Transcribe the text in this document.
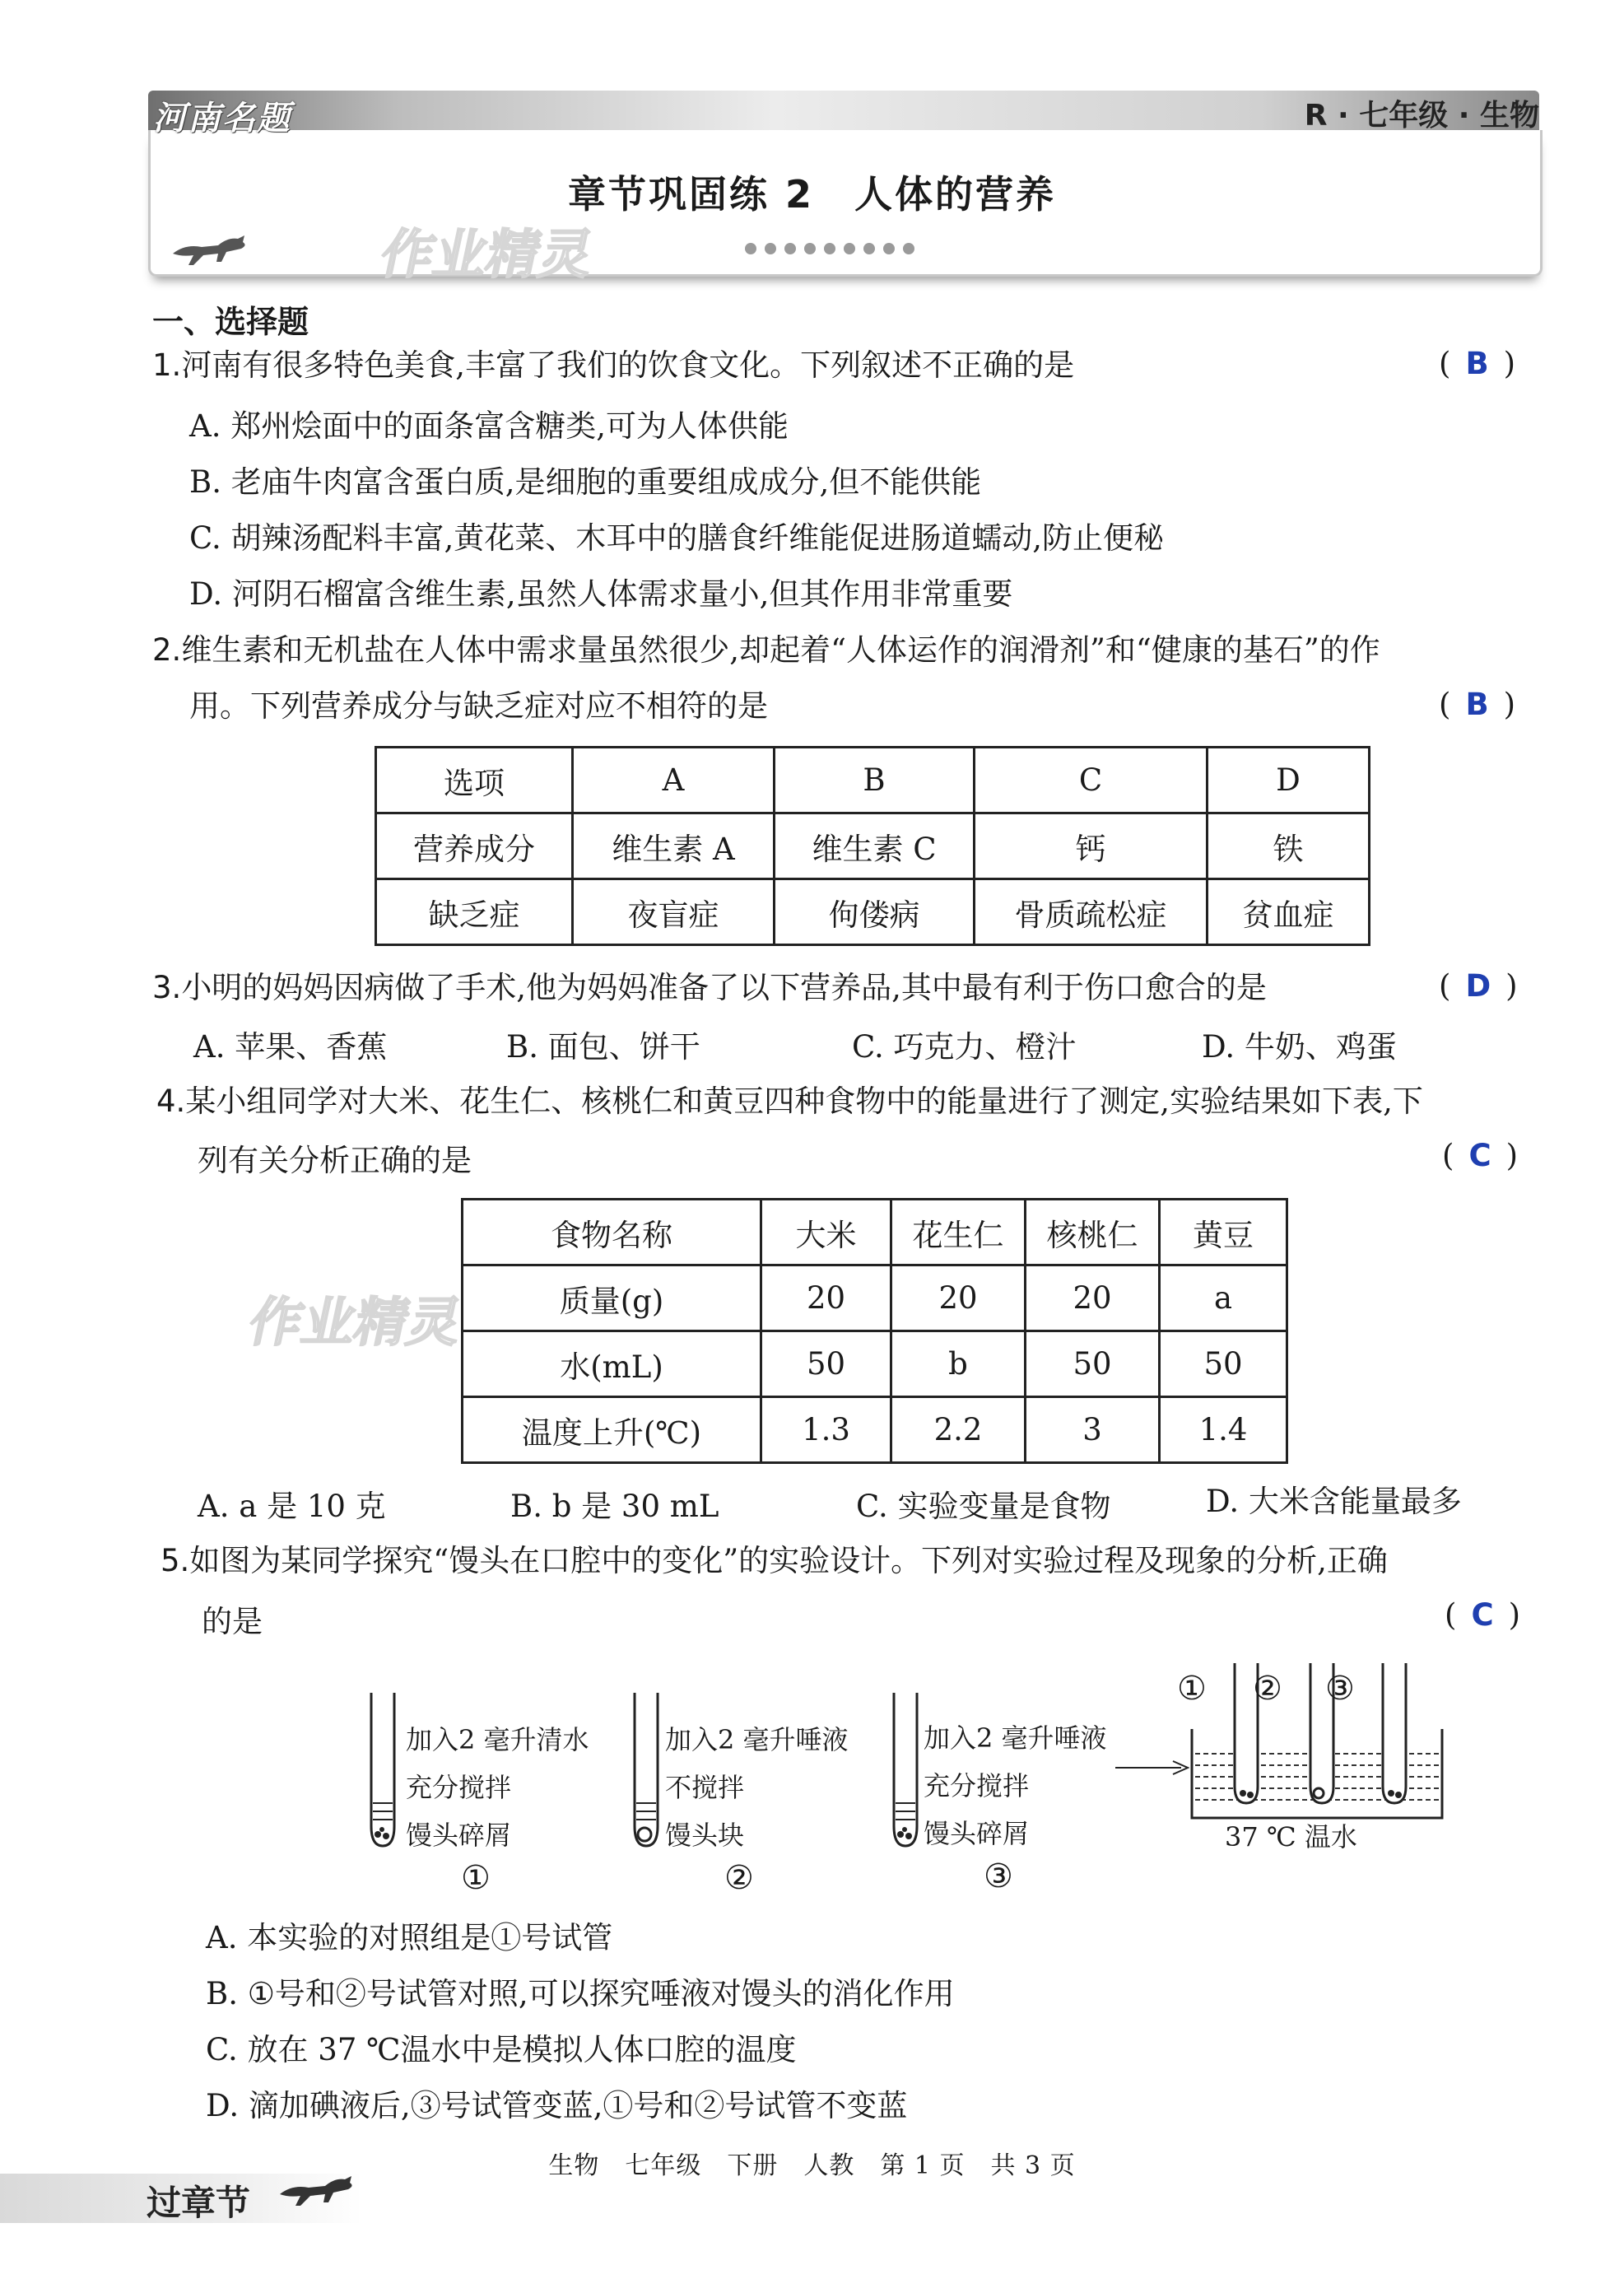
河南名题	R · 七年级 · 生物
章节巩固练 2　人体的营养
作业精灵
作业精灵
一、选择题
1.河南有很多特色美食,丰富了我们的饮食文化。下列叙述不正确的是	( B )
A. 郑州烩面中的面条富含糖类,可为人体供能
B. 老庙牛肉富含蛋白质,是细胞的重要组成成分,但不能供能
C. 胡辣汤配料丰富,黄花菜、木耳中的膳食纤维能促进肠道蠕动,防止便秘
D. 河阴石榴富含维生素,虽然人体需求量小,但其作用非常重要
2.维生素和无机盐在人体中需求量虽然很少,却起着“人体运作的润滑剂”和“健康的基石”的作
用。下列营养成分与缺乏症对应不相符的是	( B )
选项	A	B	C	D
营养成分	维生素 A	维生素 C	钙	铁
缺乏症	夜盲症	佝偻病	骨质疏松症	贫血症
3.小明的妈妈因病做了手术,他为妈妈准备了以下营养品,其中最有利于伤口愈合的是	( D )
A. 苹果、香蕉	B. 面包、饼干	C. 巧克力、橙汁	D. 牛奶、鸡蛋
4.某小组同学对大米、花生仁、核桃仁和黄豆四种食物中的能量进行了测定,实验结果如下表,下
列有关分析正确的是	( C )
食物名称	大米	花生仁	核桃仁	黄豆
质量(g)	20	20	20	a
水(mL)	50	b	50	50
温度上升(℃)	1.3	2.2	3	1.4
A. a 是 10 克	B. b 是 30 mL	C. 实验变量是食物	D. 大米含能量最多
5.如图为某同学探究“馒头在口腔中的变化”的实验设计。下列对实验过程及现象的分析,正确
的是	( C )
加入2 毫升清水
充分搅拌
馒头碎屑
①
加入2 毫升唾液
不搅拌
馒头块
②
加入2 毫升唾液
充分搅拌
馒头碎屑
③
① ② ③
37 ℃ 温水
A. 本实验的对照组是①号试管
B. ①号和②号试管对照,可以探究唾液对馒头的消化作用
C. 放在 37 ℃温水中是模拟人体口腔的温度
D. 滴加碘液后,③号试管变蓝,①号和②号试管不变蓝
生物　七年级　下册　人教　第 1 页　共 3 页
过章节
